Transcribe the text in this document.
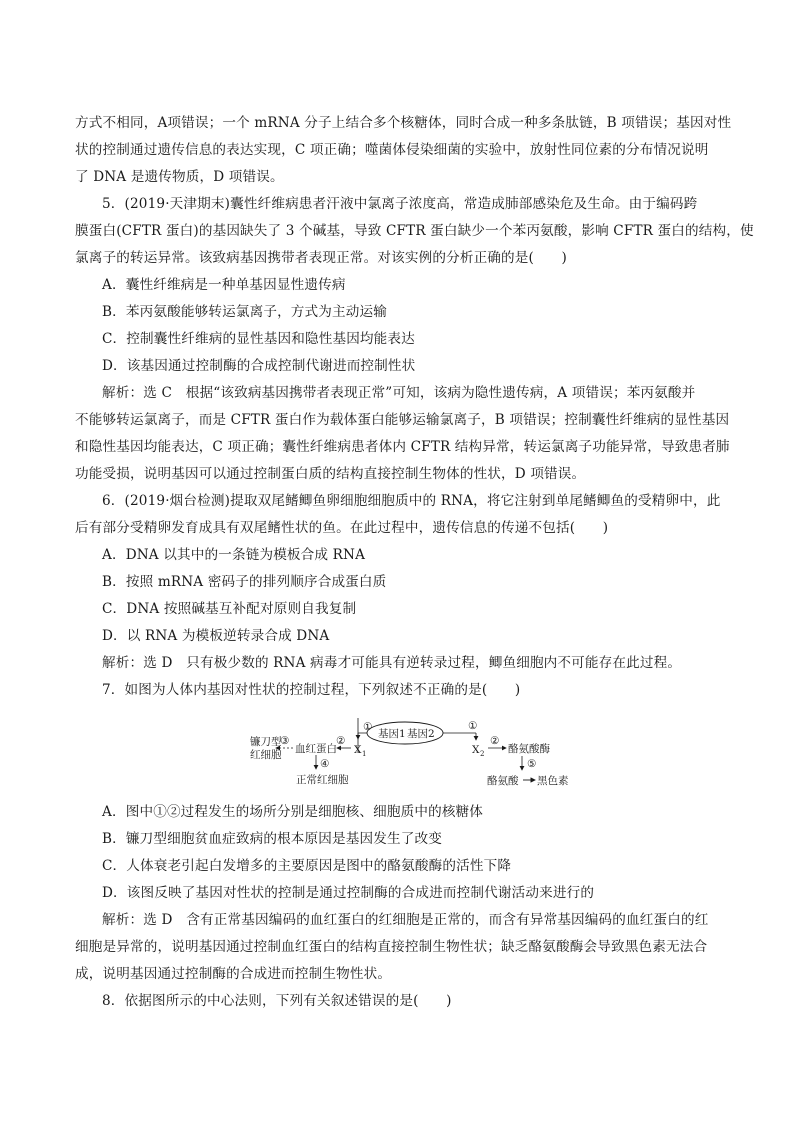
方式不相同，A项错误；一个 mRNA 分子上结合多个核糖体，同时合成一种多条肽链，B 项错误；基因对性
状的控制通过遗传信息的表达实现，C 项正确；噬菌体侵染细菌的实验中，放射性同位素的分布情况说明
了 DNA 是遗传物质，D 项错误。
5．(2019·天津期末)囊性纤维病患者汗液中氯离子浓度高，常造成肺部感染危及生命。由于编码跨
膜蛋白(CFTR 蛋白)的基因缺失了 3 个碱基，导致 CFTR 蛋白缺少一个苯丙氨酸，影响 CFTR 蛋白的结构，使
氯离子的转运异常。该致病基因携带者表现正常。对该实例的分析正确的是(　　)
A．囊性纤维病是一种单基因显性遗传病
B．苯丙氨酸能够转运氯离子，方式为主动运输
C．控制囊性纤维病的显性基因和隐性基因均能表达
D．该基因通过控制酶的合成控制代谢进而控制性状
解析：选 C　根据“该致病基因携带者表现正常”可知，该病为隐性遗传病，A 项错误；苯丙氨酸并
不能够转运氯离子，而是 CFTR 蛋白作为载体蛋白能够运输氯离子，B 项错误；控制囊性纤维病的显性基因
和隐性基因均能表达，C 项正确；囊性纤维病患者体内 CFTR 结构异常，转运氯离子功能异常，导致患者肺
功能受损，说明基因可以通过控制蛋白质的结构直接控制生物体的性状，D 项错误。
6．(2019·烟台检测)提取双尾鳍鲫鱼卵细胞细胞质中的 RNA，将它注射到单尾鳍鲫鱼的受精卵中，此
后有部分受精卵发育成具有双尾鳍性状的鱼。在此过程中，遗传信息的传递不包括(　　)
A．DNA 以其中的一条链为模板合成 RNA
B．按照 mRNA 密码子的排列顺序合成蛋白质
C．DNA 按照碱基互补配对原则自我复制
D．以 RNA 为模板逆转录合成 DNA
解析：选 D　只有极少数的 RNA 病毒才可能具有逆转录过程，鲫鱼细胞内不可能存在此过程。
7．如图为人体内基因对性状的控制过程，下列叙述不正确的是(　　)
基因1 基因2
①	①
X 1
②
血红蛋白
③
镰刀型
红细胞
④
正常红细胞
X 2
②
酪氨酸酶
⑤
酪氨酸 黑色素
A．图中①②过程发生的场所分别是细胞核、细胞质中的核糖体
B．镰刀型细胞贫血症致病的根本原因是基因发生了改变
C．人体衰老引起白发增多的主要原因是图中的酪氨酸酶的活性下降
D．该图反映了基因对性状的控制是通过控制酶的合成进而控制代谢活动来进行的
解析：选 D　含有正常基因编码的血红蛋白的红细胞是正常的，而含有异常基因编码的血红蛋白的红
细胞是异常的，说明基因通过控制血红蛋白的结构直接控制生物性状；缺乏酪氨酸酶会导致黑色素无法合
成，说明基因通过控制酶的合成进而控制生物性状。
8．依据图所示的中心法则，下列有关叙述错误的是(　　)
